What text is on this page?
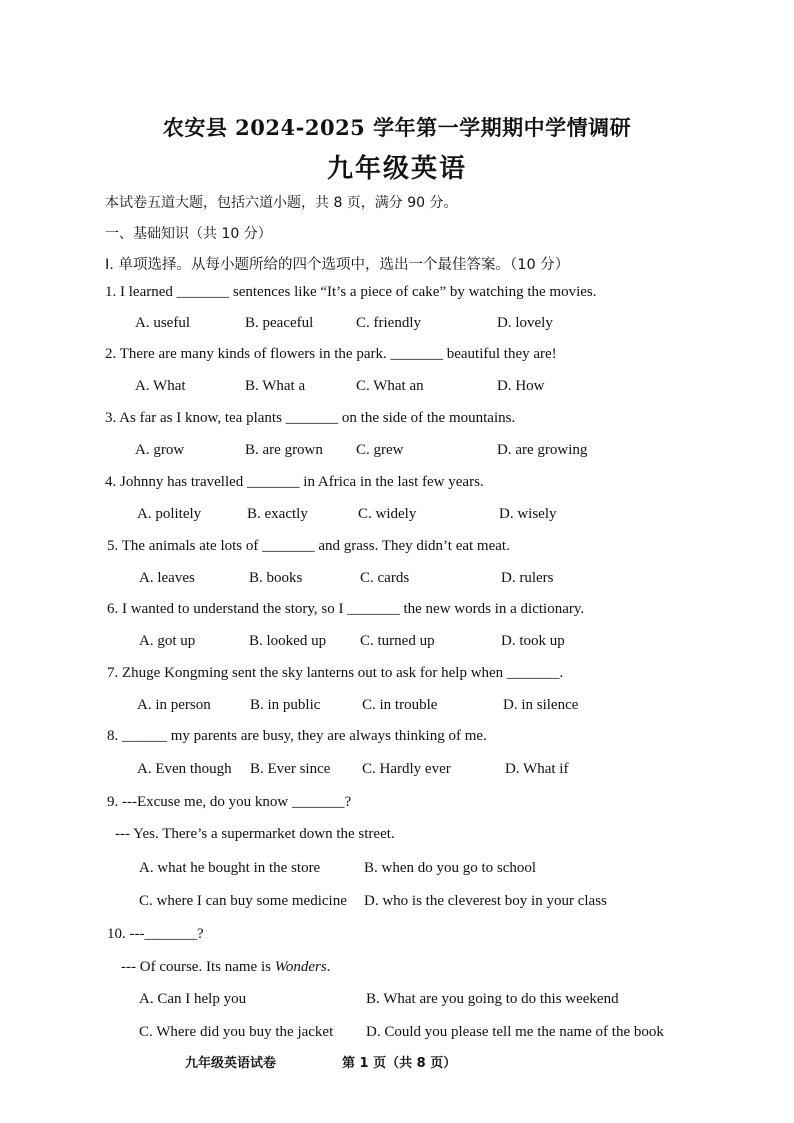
农安县 2024-2025 学年第一学期期中学情调研
九年级英语
本试卷五道大题，包括六道小题，共 8 页，满分 90 分。
一、基础知识（共 10 分）
I. 单项选择。从每小题所给的四个选项中，选出一个最佳答案。（10 分）
1. I learned _______ sentences like “It’s a piece of cake” by watching the movies.
A. useful	B. peaceful	C. friendly	D. lovely
2. There are many kinds of flowers in the park. _______ beautiful they are!
A. What	B. What a	C. What an	D. How
3. As far as I know, tea plants _______ on the side of the mountains.
A. grow	B. are grown C. grew	D. are growing
4. Johnny has travelled _______ in Africa in the last few years.
A. politely	B. exactly	C. widely	D. wisely
5. The animals ate lots of _______ and grass. They didn’t eat meat.
A. leaves	B. books	C. cards	D. rulers
6. I wanted to understand the story, so I _______ the new words in a dictionary.
A. got up	B. looked up C. turned up	D. took up
7. Zhuge Kongming sent the sky lanterns out to ask for help when _______.
A. in person	B. in public	C. in trouble	D. in silence
8. ______ my parents are busy, they are always thinking of me.
A. Even though B. Ever since C. Hardly ever	D. What if
9. ---Excuse me, do you know _______?
--- Yes. There’s a supermarket down the street.
A. what he bought in the store	B. when do you go to school
C. where I can buy some medicine D. who is the cleverest boy in your class
10. ---_______?
--- Of course. Its name is Wonders.
A. Can I help you	B. What are you going to do this weekend
C. Where did you buy the jacket D. Could you please tell me the name of the book
九年级英语试卷	第 1 页（共 8 页）
